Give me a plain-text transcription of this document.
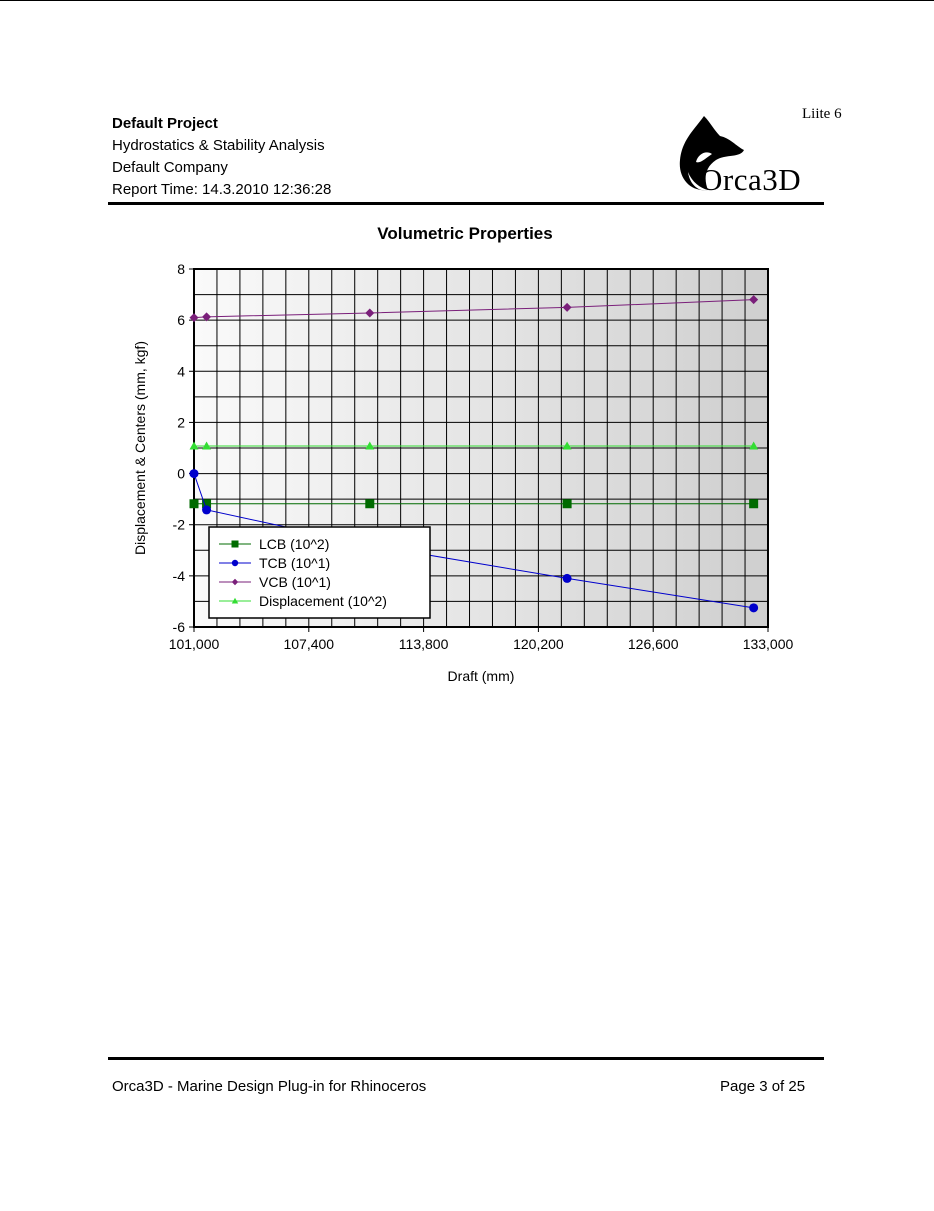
Liite 6
Default Project
Hydrostatics & Stability Analysis
Default Company
Report Time: 14.3.2010 12:36:28	Orca3D
Volumetric Properties
8
6
4
2
0
-2
-4
-6
101,000	107,400	113,800	120,200	126,600	133,000
Draft (mm)
Displacement & Centers (mm, kgf)	LCB (10^2)
TCB (10^1)
VCB (10^1)
Displacement (10^2)
Orca3D - Marine Design Plug-in for Rhinoceros	Page 3 of 25
